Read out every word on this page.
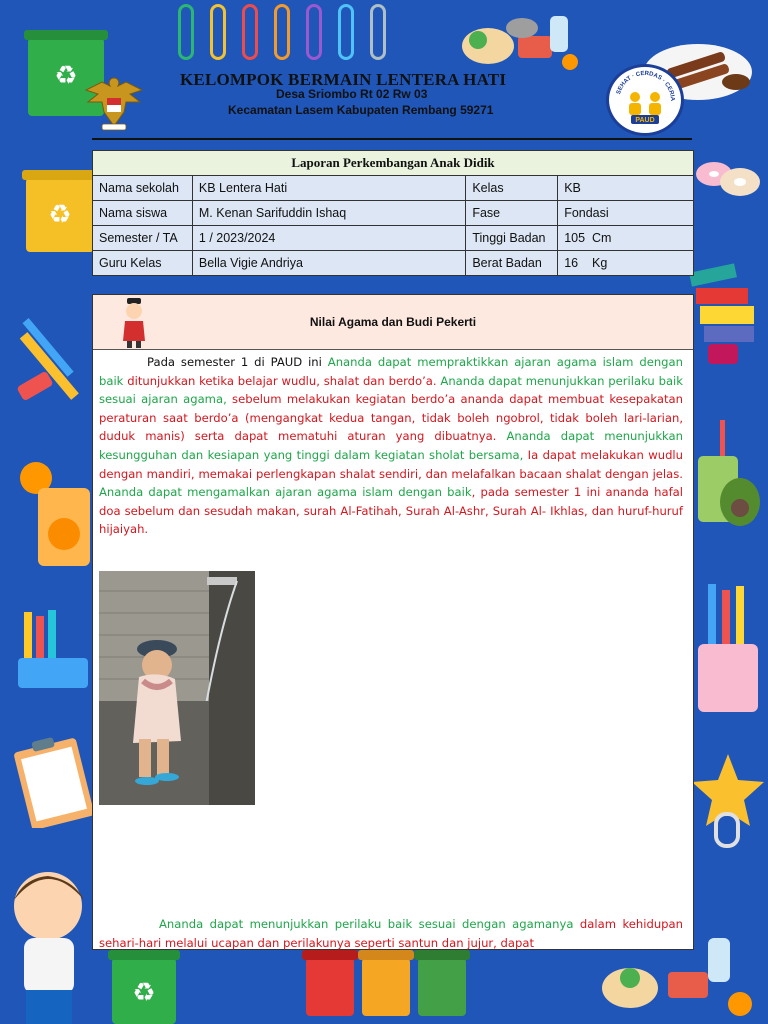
♻
♻
♻
KELOMPOK BERMAIN LENTERA HATI
Desa Sriombo Rt 02 Rw 03
Kecamatan Lasem Kabupaten Rembang 59271
SEHAT · CERDAS · CERIA
PAUD
Laporan Perkembangan Anak Didik			
Nama sekolah	KB Lentera Hati	Kelas	KB
Nama siswa	M. Kenan Sarifuddin Ishaq	Fase	Fondasi
Semester / TA	1 / 2023/2024	Tinggi Badan	105  Cm
Guru Kelas	Bella Vigie Andriya	Berat Badan	16    Kg
Nilai Agama dan Budi Pekerti

Pada semester 1 di PAUD ini Ananda dapat mempraktikkan ajaran agama islam dengan baik ditunjukkan ketika belajar wudlu, shalat dan berdo’a. Ananda dapat menunjukkan perilaku baik sesuai ajaran agama, sebelum melakukan kegiatan berdo’a ananda dapat membuat kesepakatan peraturan saat berdo’a (mengangkat kedua tangan, tidak boleh ngobrol, tidak boleh lari-larian, duduk manis) serta dapat mematuhi aturan yang dibuatnya. Ananda dapat menunjukkan kesungguhan dan kesiapan yang tinggi dalam kegiatan sholat bersama, Ia dapat melakukan wudlu dengan mandiri, memakai perlengkapan shalat sendiri, dan melafalkan bacaan shalat dengan jelas. Ananda dapat mengamalkan ajaran agama islam dengan baik, pada semester 1 ini ananda hafal doa sebelum dan sesudah makan, surah Al-Fatihah, Surah Al-Ashr, Surah Al- Ikhlas, dan huruf-huruf hijaiyah.

Ananda dapat menunjukkan perilaku baik sesuai dengan agamanya dalam kehidupan sehari-hari melalui ucapan dan perilakunya seperti santun dan jujur, dapat
